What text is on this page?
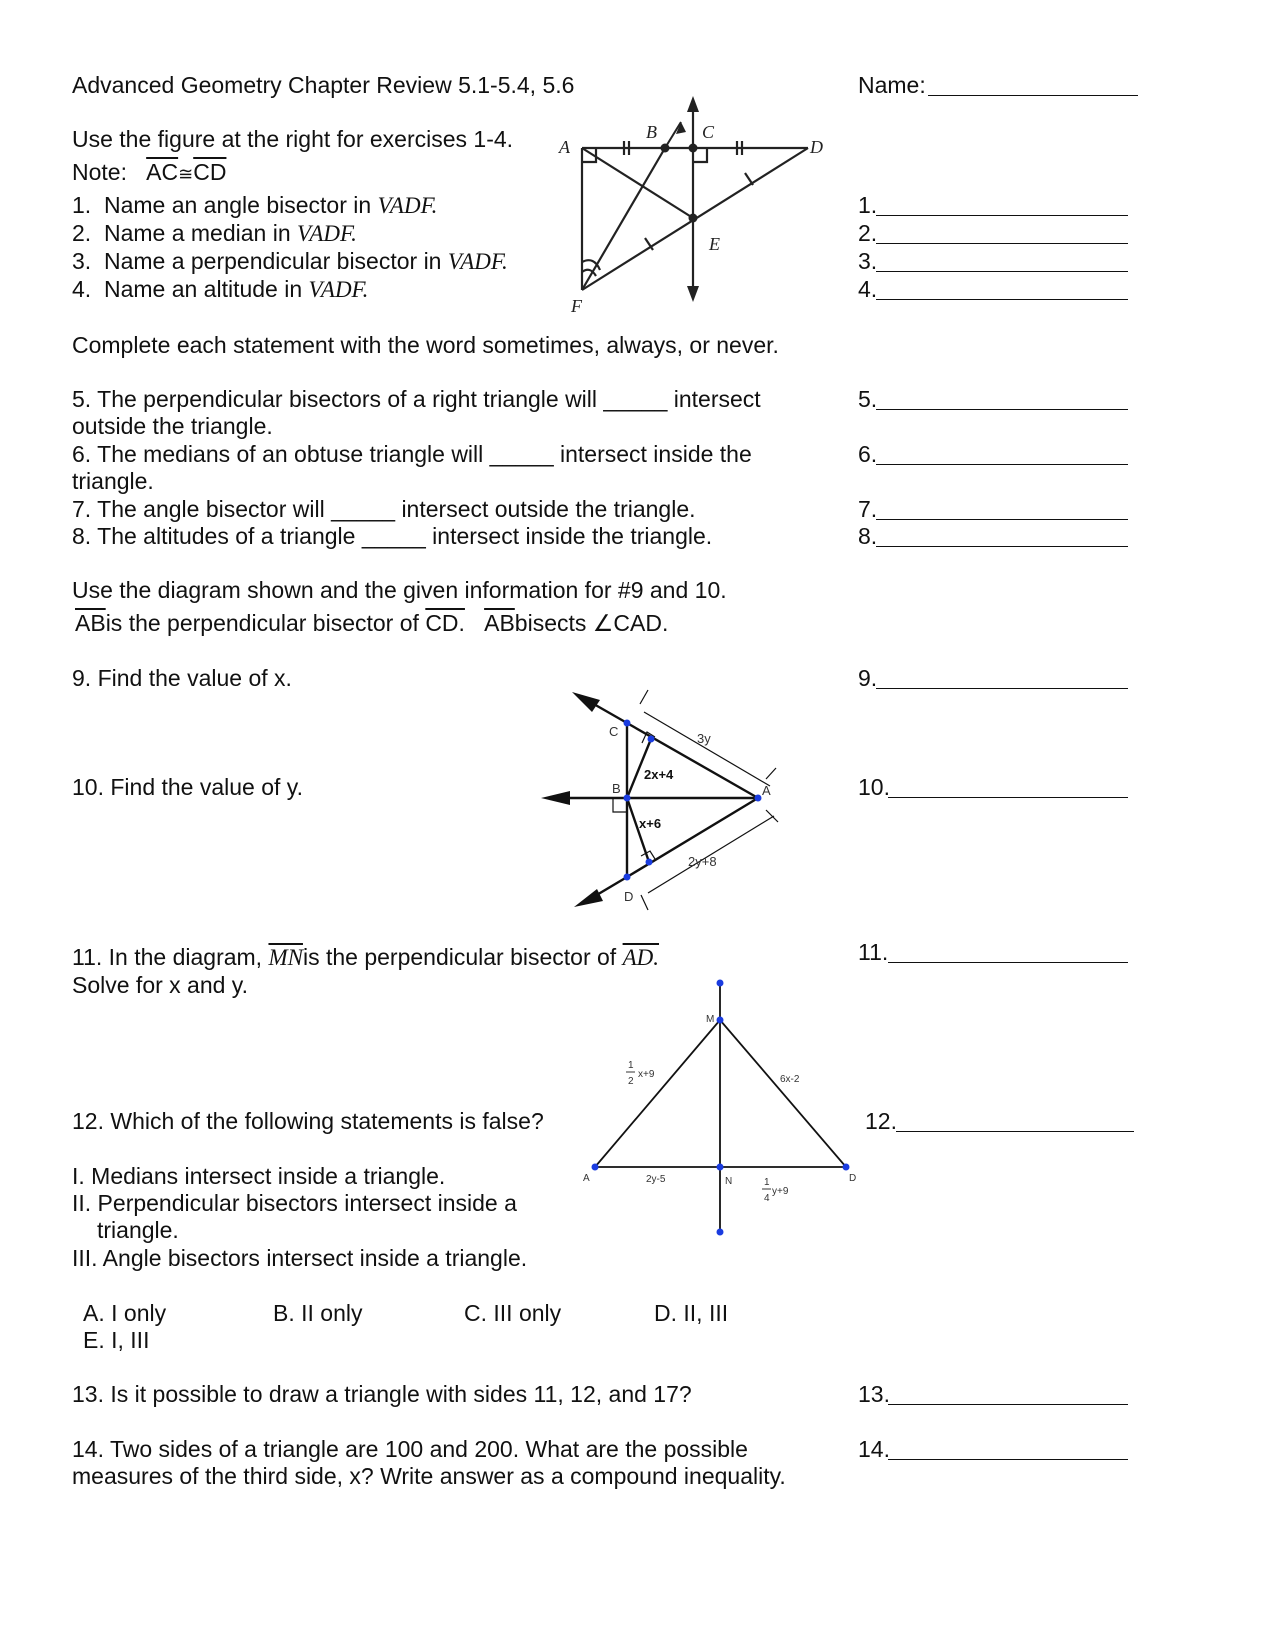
Advanced Geometry Chapter Review 5.1-5.4, 5.6	Name:
Use the figure at the right for exercises 1-4.
Note: $\overline{AC}≅\overline{CD}$
1. Name an angle bisector in VADF.
2. Name a median in VADF.
3. Name a perpendicular bisector in VADF.
4. Name an altitude in VADF.
A
B	C
D
E
F
1.
2.
3.
4.
Complete each statement with the word sometimes, always, or never.
5. The perpendicular bisectors of a right triangle will _____ intersect
outside the triangle.
6. The medians of an obtuse triangle will _____ intersect inside the
triangle.
7. The angle bisector will _____ intersect outside the triangle.
8. The altitudes of a triangle _____ intersect inside the triangle.
5.
6.
7.
8.
Use the diagram shown and the given information for #9 and 10.
$\overline{AB}is$ the perpendicular bisector of CD. $\overline{AB}bisects$ ∠CAD.
9. Find the value of x.
10. Find the value of y.
9.
10.
C
B
D
A
3y
2x+4
x+6
2y+8
11. In the diagram, $\overline{MN}is$ the perpendicular bisector of AD.
Solve for x and y.
11.
M
A	N	D
1
2
x+9	6x-2
2y-5	1
4
y+9
12. Which of the following statements is false?	12.
I. Medians intersect inside a triangle.
II. Perpendicular bisectors intersect inside a
triangle.
III. Angle bisectors intersect inside a triangle.
A. I only	B. II only	C. III only	D. II, III
E. I, III
13. Is it possible to draw a triangle with sides 11, 12, and 17?	13.
14. Two sides of a triangle are 100 and 200. What are the possible
measures of the third side, x? Write answer as a compound inequality.
14.
